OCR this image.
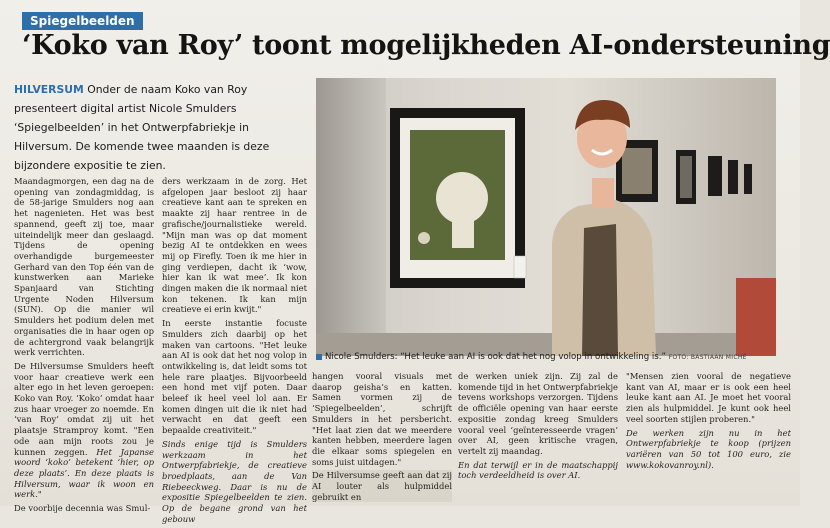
Spiegelbeelden
‘Koko van Roy’ toont mogelijkheden AI-ondersteuning
HILVERSUM Onder de naam Koko van Roy presenteert digital artist Nicole Smulders ‘Spiegelbeelden’ in het Ontwerpfabriekje in Hilversum. De komende twee maanden is deze bijzondere expositie te zien.

Maandagmorgen, een dag na de opening van zondagmiddag, is de 58-jarige Smulders nog aan het nagenieten. Het was best spannend, geeft zij toe, maar uiteindelijk meer dan geslaagd. Tijdens de opening overhandigde burgemeester Gerhard van den Top één van de kunstwerken aan Marieke Spanjaard van Stichting Urgente Noden Hilversum (SUN). Op die manier wil Smulders het podium delen met organisaties die in haar ogen op de achtergrond vaak belangrijk werk verrichten.

De Hilversumse Smulders heeft voor haar creatieve werk een alter ego in het leven geroepen: Koko van Roy. ‘Koko’ omdat haar zus haar vroeger zo noemde. En ‘van Roy’ omdat zij uit het plaatsje Stramproy komt. "Een ode aan mijn roots zou je kunnen zeggen. Het Japanse woord ‘koko’ betekent ‘hier, op deze plaats’. En deze plaats is Hilversum, waar ik woon en werk."

De voorbije decennia was Smul-

ders werkzaam in de zorg. Het afgelopen jaar besloot zij haar creatieve kant aan te spreken en maakte zij haar rentree in de grafische/journalistieke wereld. "Mijn man was op dat moment bezig AI te ontdekken en wees mij op Firefly. Toen ik me hier in ging verdiepen, dacht ik ‘wow, hier kan ik wat mee’. Ik kon dingen maken die ik normaal niet kon tekenen. Ik kan mijn creatieve ei erin kwijt."

In eerste instantie focuste Smulders zich daarbij op het maken van cartoons. "Het leuke aan AI is ook dat het nog volop in ontwikkeling is, dat leidt soms tot hele rare plaatjes. Bijvoorbeeld een hond met vijf poten. Daar beleef ik heel veel lol aan. Er komen dingen uit die ik niet had verwacht en dat geeft een bepaalde creativiteit."

Sinds enige tijd is Smulders werkzaam in het Ontwerpfabriekje, de creatieve broedplaats, aan de Van Riebeeckweg. Daar is nu de expositie Spiegelbeelden te zien. Op de begane grond van het gebouw

Nicole Smulders: “Het leuke aan AI is ook dat het nog volop in ontwikkeling is.” FOTO: BASTIAAN MICHÉ

hangen vooral visuals met daarop geisha’s en katten. Samen vormen zij de ‘Spiegelbeelden’, schrijft Smulders in het persbericht. "Het laat zien dat we meerdere kanten hebben, meerdere lagen die elkaar soms spiegelen en soms juist uitdagen."

De Hilversumse geeft aan dat zij AI louter als hulpmiddel gebruikt en

de werken uniek zijn. Zij zal de komende tijd in het Ontwerpfabriekje tevens workshops verzorgen. Tijdens de officiële opening van haar eerste expositie zondag kreeg Smulders vooral veel ‘geïnteresseerde vragen’ over AI, geen kritische vragen, vertelt zij maandag.

En dat terwijl er in de maatschappij toch verdeeldheid is over AI.

"Mensen zien vooral de negatieve kant van AI, maar er is ook een heel leuke kant aan AI. Je moet het vooral zien als hulpmiddel. Je kunt ook heel veel soorten stijlen proberen."

De werken zijn nu in het Ontwerpfabriekje te koop (prijzen variëren van 50 tot 100 euro, zie www.kokovanroy.nl).
